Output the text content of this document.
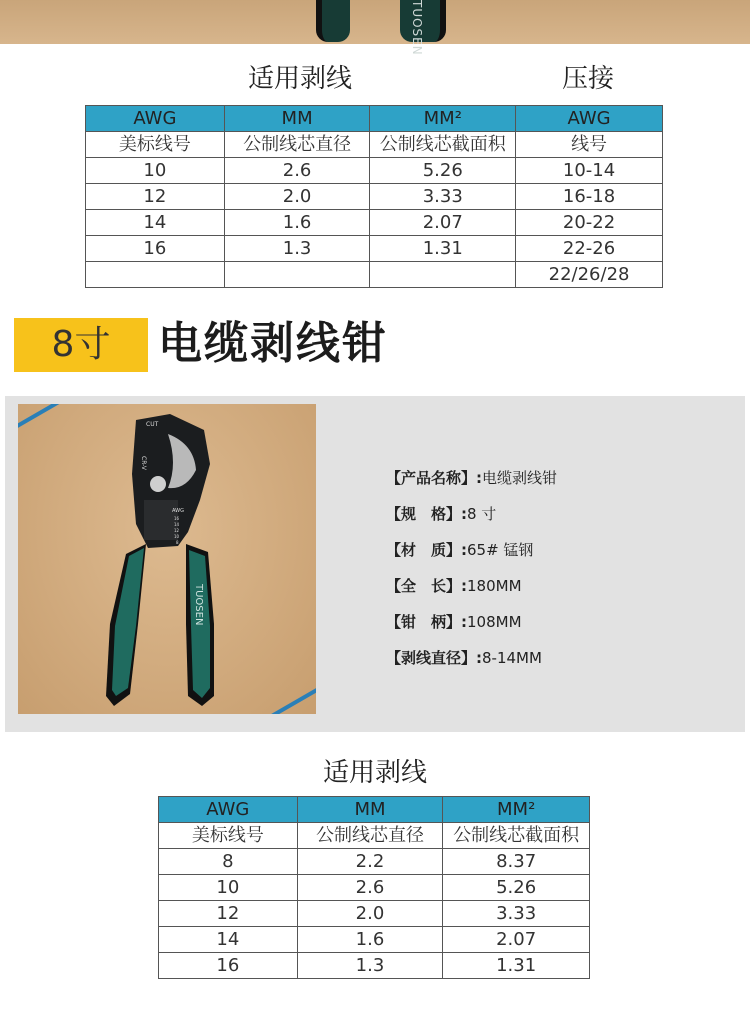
TUOSEN
适用剥线	压接
AWG	MM	MM²	AWG
美标线号	公制线芯直径	公制线芯截面积	线号
10	2.6	5.26	10-14
12	2.0	3.33	16-18
14	1.6	2.07	20-22
16	1.3	1.31	22-26
			22/26/28
8寸	电缆剥线钳
TUOSEN
CUT
CR-V
AWG
16
14
12
10
8
【产品名称】:电缆剥线钳
【规　格】:8 寸
【材　质】:65# 锰钢
【全　长】:180MM
【钳　柄】:108MM
【剥线直径】:8-14MM
适用剥线
AWG	MM	MM²
美标线号	公制线芯直径	公制线芯截面积
8	2.2	8.37
10	2.6	5.26
12	2.0	3.33
14	1.6	2.07
16	1.3	1.31
